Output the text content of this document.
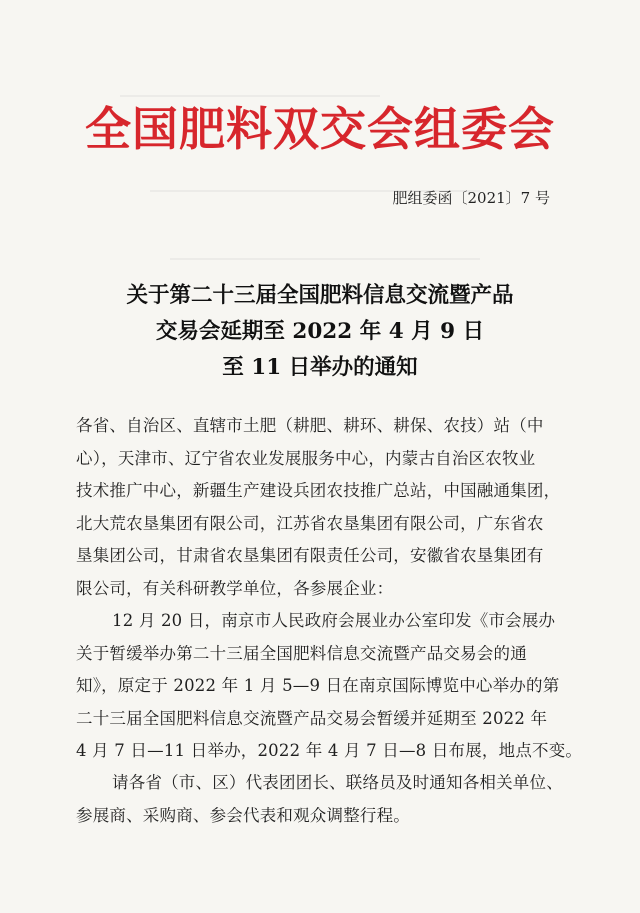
全国肥料双交会组委会
肥组委函〔2021〕7 号
关于第二十三届全国肥料信息交流暨产品
交易会延期至 2022 年 4 月 9 日
至 11 日举办的通知
各省、自治区、直辖市土肥（耕肥、耕环、耕保、农技）站（中
心），天津市、辽宁省农业发展服务中心，内蒙古自治区农牧业
技术推广中心，新疆生产建设兵团农技推广总站，中国融通集团，
北大荒农垦集团有限公司，江苏省农垦集团有限公司，广东省农
垦集团公司，甘肃省农垦集团有限责任公司，安徽省农垦集团有
限公司，有关科研教学单位，各参展企业：
12 月 20 日，南京市人民政府会展业办公室印发《市会展办
关于暂缓举办第二十三届全国肥料信息交流暨产品交易会的通
知》，原定于 2022 年 1 月 5—9 日在南京国际博览中心举办的第
二十三届全国肥料信息交流暨产品交易会暂缓并延期至 2022 年
4 月 7 日—11 日举办，2022 年 4 月 7 日—8 日布展，地点不变。
请各省（市、区）代表团团长、联络员及时通知各相关单位、
参展商、采购商、参会代表和观众调整行程。
